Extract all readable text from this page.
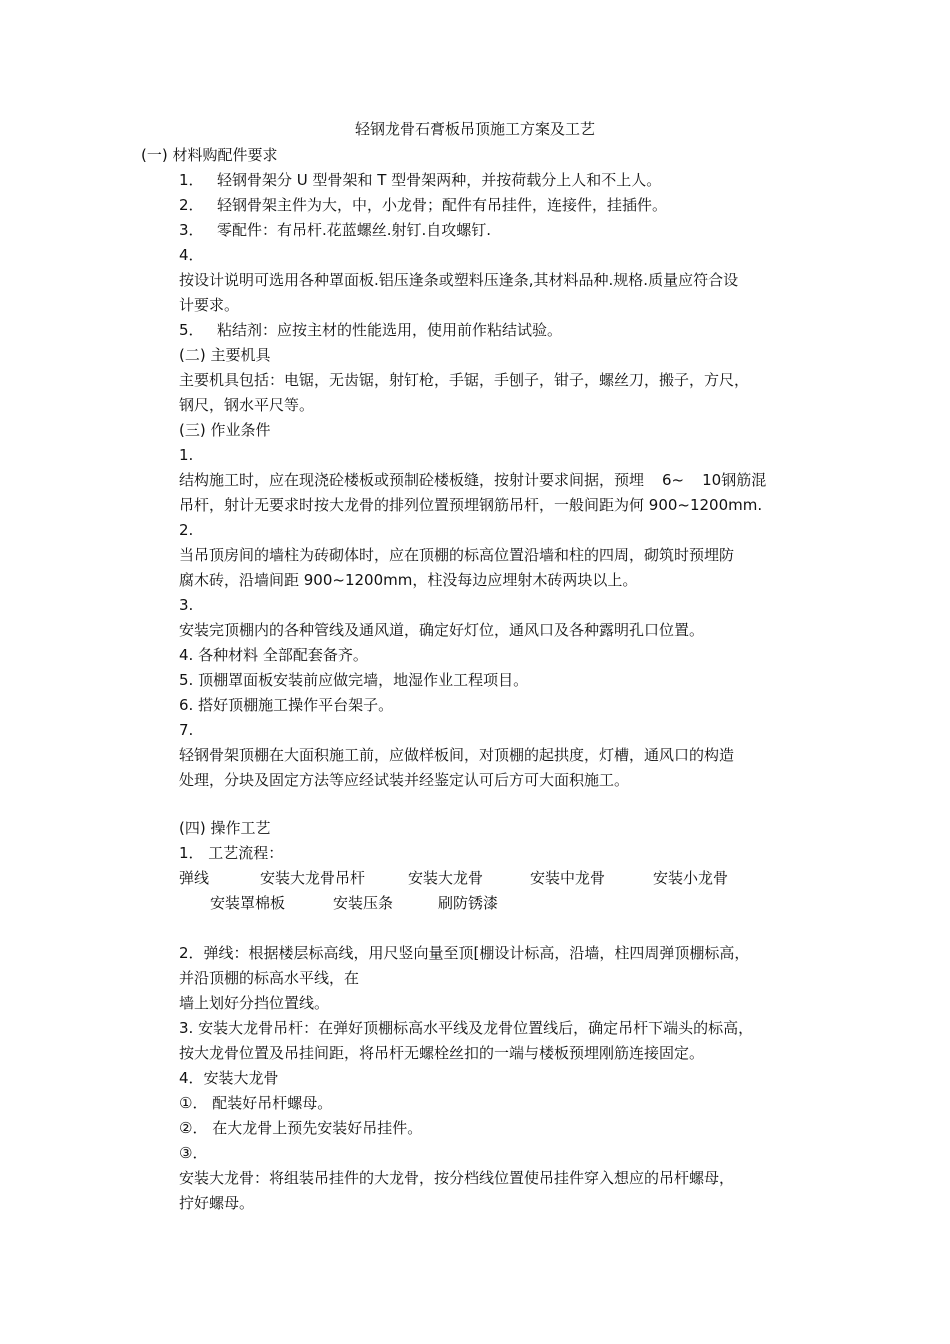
轻钢龙骨石膏板吊顶施工方案及工艺
(一) 材料购配件要求
1． 轻钢骨架分 U 型骨架和 T 型骨架两种，并按荷载分上人和不上人。
2． 轻钢骨架主件为大，中，小龙骨；配件有吊挂件，连接件，挂插件。
3． 零配件：有吊杆.花蓝螺丝.射钉.自攻螺钉.
4．
按设计说明可选用各种罩面板.铝压逢条或塑料压逢条,其材料品种.规格.质量应符合设
计要求。
5． 粘结剂：应按主材的性能选用，使用前作粘结试验。
(二) 主要机具
主要机具包括：电锯，无齿锯，射钉枪，手锯，手刨子，钳子，螺丝刀，搬子，方尺，
钢尺，钢水平尺等。
(三) 作业条件
1.
结构施工时，应在现浇砼楼板或预制砼楼板缝，按射计要求间据，预埋 6~ 10钢筋混
吊杆，射计无要求时按大龙骨的排列位置预埋钢筋吊杆，一般间距为何 900~1200mm.
2.
当吊顶房间的墙柱为砖砌体时，应在顶棚的标高位置沿墙和柱的四周，砌筑时预埋防
腐木砖，沿墙间距 900~1200mm，柱没每边应埋射木砖两块以上。
3.
安装完顶棚内的各种管线及通风道，确定好灯位，通风口及各种露明孔口位置。
4. 各种材料 全部配套备齐。
5. 顶棚罩面板安装前应做完墙，地湿作业工程项目。
6. 搭好顶棚施工操作平台架子。
7.
轻钢骨架顶棚在大面积施工前，应做样板间，对顶棚的起拱度，灯槽，通风口的构造
处理，分块及固定方法等应经试装并经鉴定认可后方可大面积施工。
(四) 操作工艺
1． 工艺流程：
弹线	安装大龙骨吊杆	安装大龙骨	安装中龙骨	安装小龙骨
安装罩棉板	安装压条	刷防锈漆
2．弹线：根据楼层标高线，用尺竖向量至顶[棚设计标高，沿墙，柱四周弹顶棚标高，
并沿顶棚的标高水平线，在
墙上划好分挡位置线。
3. 安装大龙骨吊杆：在弹好顶棚标高水平线及龙骨位置线后，确定吊杆下端头的标高，
按大龙骨位置及吊挂间距，将吊杆无螺栓丝扣的一端与楼板预埋刚筋连接固定。
4．安装大龙骨
①． 配装好吊杆螺母。
②． 在大龙骨上预先安装好吊挂件。
③．
安装大龙骨：将组装吊挂件的大龙骨，按分档线位置使吊挂件穿入想应的吊杆螺母，
拧好螺母。
